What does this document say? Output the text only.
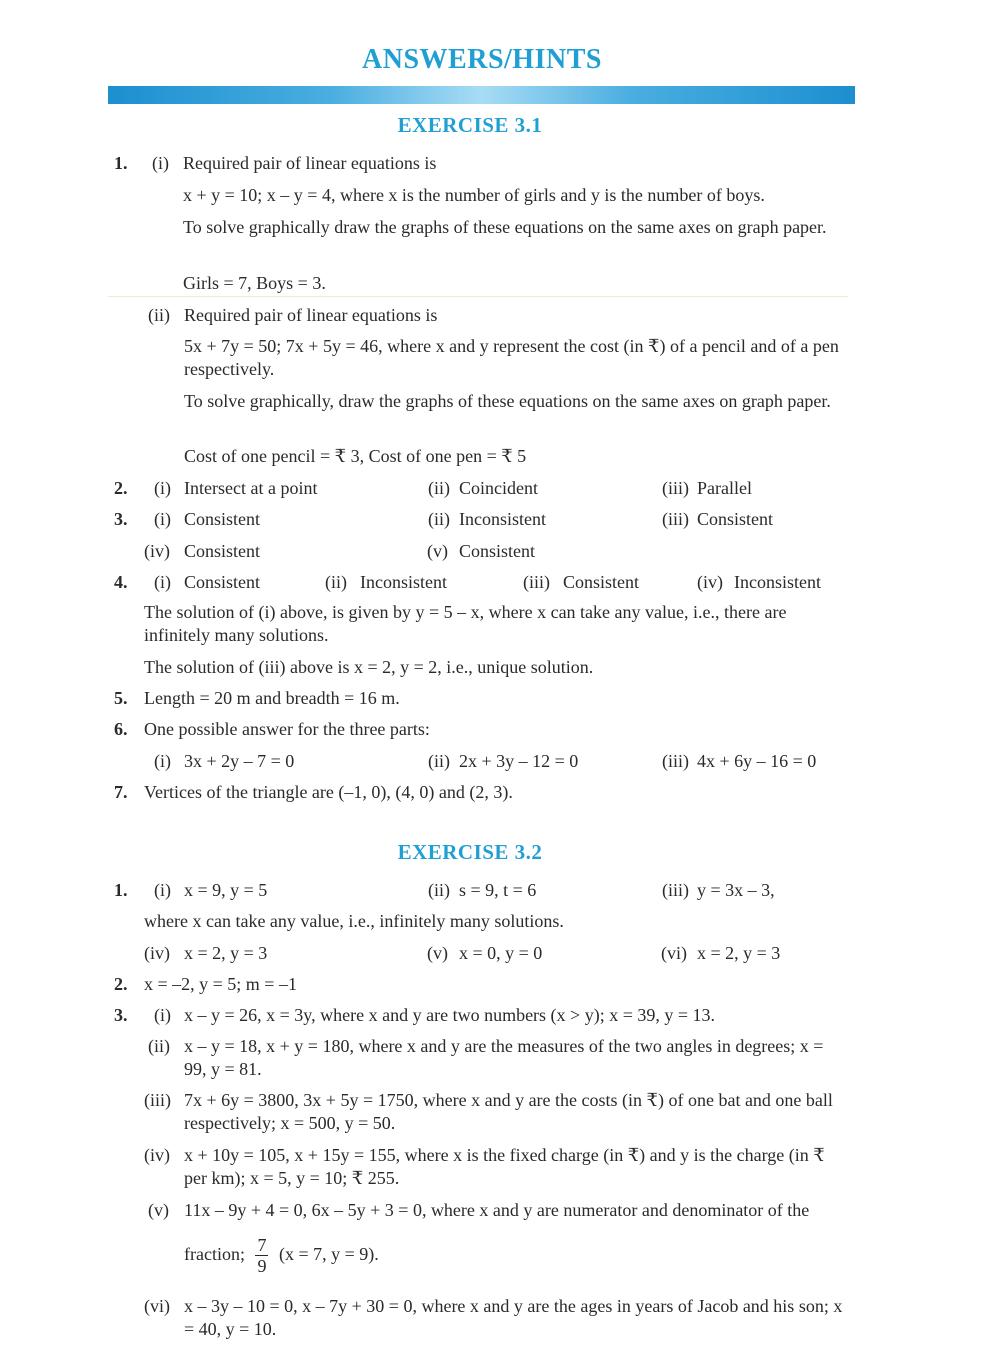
ANSWERS/HINTS
EXERCISE 3.1
1. (i) Required pair of linear equations is
x + y = 10; x – y = 4, where x is the number of girls and y is the number of boys.
To solve graphically draw the graphs of these equations on the same axes on graph paper.
Girls = 7, Boys = 3.
(ii) Required pair of linear equations is
5x + 7y = 50; 7x + 5y = 46, where x and y represent the cost (in ₹) of a pencil and of a pen respectively.
To solve graphically, draw the graphs of these equations on the same axes on graph paper.
Cost of one pencil = ₹ 3, Cost of one pen = ₹ 5
2. (i) Intersect at a point	(ii) Coincident	(iii) Parallel
3. (i) Consistent	(ii) Inconsistent	(iii) Consistent
(iv) Consistent	(v) Consistent
4. (i) Consistent	(ii) Inconsistent	(iii) Consistent	(iv) Inconsistent
The solution of (i) above, is given by y = 5 – x, where x can take any value, i.e., there are infinitely many solutions.
The solution of (iii) above is x = 2, y = 2, i.e., unique solution.
5. Length = 20 m and breadth = 16 m.
6. One possible answer for the three parts:
(i) 3x + 2y – 7 = 0	(ii) 2x + 3y – 12 = 0	(iii) 4x + 6y – 16 = 0
7. Vertices of the triangle are (–1, 0), (4, 0) and (2, 3).
EXERCISE 3.2
1. (i) x = 9, y = 5	(ii) s = 9, t = 6	(iii) y = 3x – 3,
where x can take any value, i.e., infinitely many solutions.
(iv) x = 2, y = 3	(v) x = 0, y = 0	(vi) x = 2, y = 3
2. x = –2, y = 5; m = –1
3. (i) x – y = 26, x = 3y, where x and y are two numbers (x > y); x = 39, y = 13.
(ii) x – y = 18, x + y = 180, where x and y are the measures of the two angles in degrees; x = 99, y = 81.
(iii) 7x + 6y = 3800, 3x + 5y = 1750, where x and y are the costs (in ₹) of one bat and one ball respectively; x = 500, y = 50.
(iv) x + 10y = 105, x + 15y = 155, where x is the fixed charge (in ₹) and y is the charge (in ₹ per km); x = 5, y = 10; ₹ 255.
(v) 11x – 9y + 4 = 0, 6x – 5y + 3 = 0, where x and y are numerator and denominator of the
fraction; $\frac{7}{9} (x = 7$, y = 9).
(vi) x – 3y – 10 = 0, x – 7y + 30 = 0, where x and y are the ages in years of Jacob and his son; x = 40, y = 10.
